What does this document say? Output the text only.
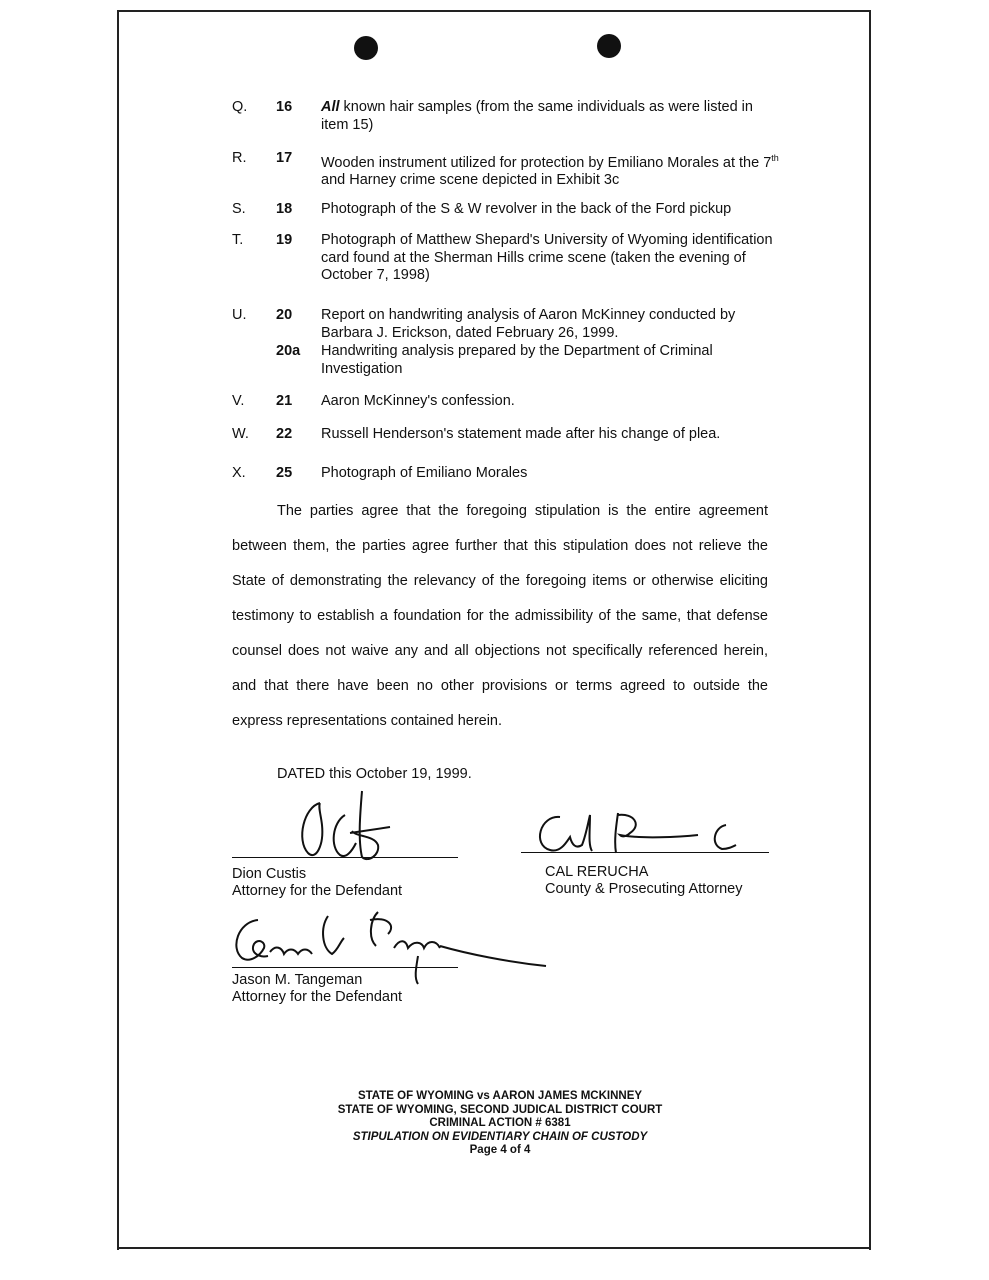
Q. 16 All known hair samples (from the same individuals as were listed in item 15)
R. 17 Wooden instrument utilized for protection by Emiliano Morales at the 7th and Harney crime scene depicted in Exhibit 3c
S. 18 Photograph of the S & W revolver in the back of the Ford pickup
T. 19 Photograph of Matthew Shepard's University of Wyoming identification card found at the Sherman Hills crime scene (taken the evening of October 7, 1998)
U. 20 Report on handwriting analysis of Aaron McKinney conducted by Barbara J. Erickson, dated February 26, 1999.
20a Handwriting analysis prepared by the Department of Criminal Investigation
V. 21 Aaron McKinney's confession.
W. 22 Russell Henderson's statement made after his change of plea.
X. 25 Photograph of Emiliano Morales
The parties agree that the foregoing stipulation is the entire agreement between them, the parties agree further that this stipulation does not relieve the State of demonstrating the relevancy of the foregoing items or otherwise eliciting testimony to establish a foundation for the admissibility of the same, that defense counsel does not waive any and all objections not specifically referenced herein, and that there have been no other provisions or terms agreed to outside the express representations contained herein.
DATED this October 19, 1999.
Dion Custis
Attorney for the Defendant
CAL RERUCHA
County & Prosecuting Attorney
Jason M. Tangeman
Attorney for the Defendant
STATE OF WYOMING vs AARON JAMES MCKINNEY
STATE OF WYOMING, SECOND JUDICAL DISTRICT COURT
CRIMINAL ACTION # 6381
STIPULATION ON EVIDENTIARY CHAIN OF CUSTODY
Page 4 of 4
